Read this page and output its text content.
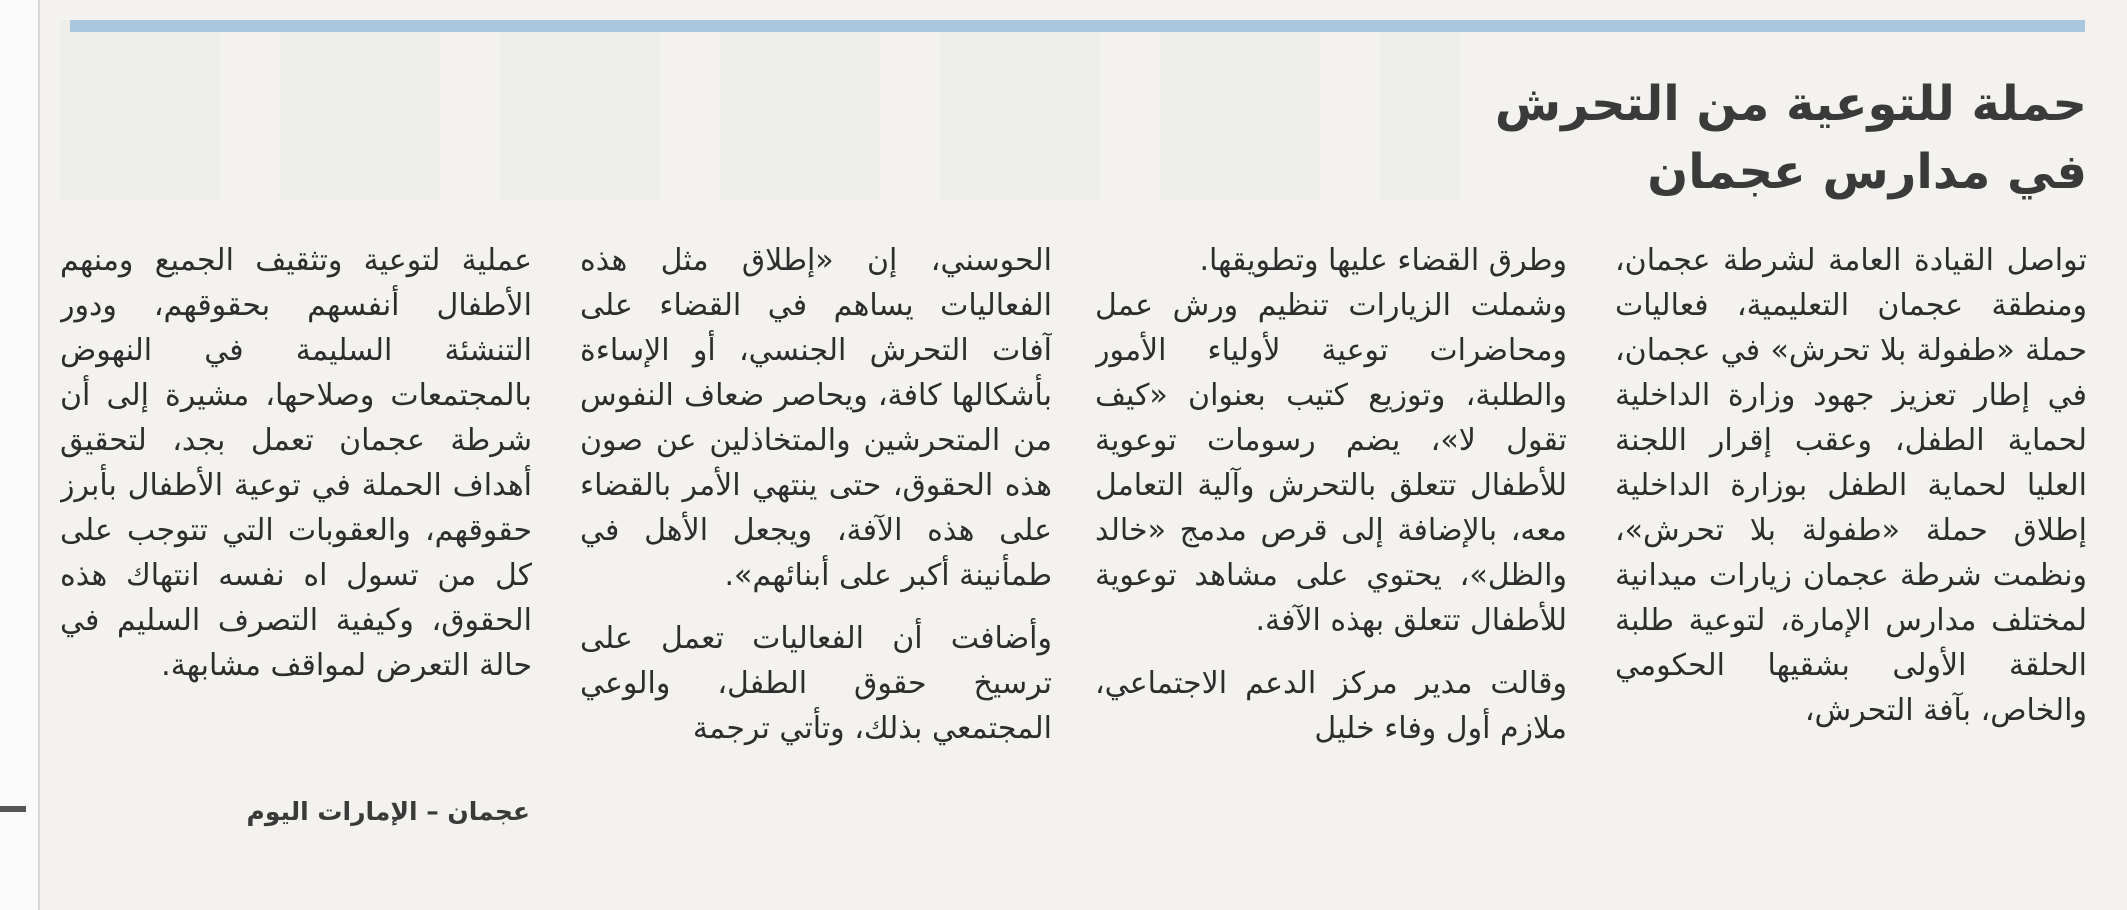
حملة للتوعية من التحرش
في مدارس عجمان

تواصل القيادة العامة لشرطة عجمان، ومنطقة عجمان التعليمية، فعاليات حملة «طفولة بلا تحرش» في عجمان، في إطار تعزيز جهود وزارة الداخلية لحماية الطفل، وعقب إقرار اللجنة العليا لحماية الطفل بوزارة الداخلية إطلاق حملة «طفولة بلا تحرش»، ونظمت شرطة عجمان زيارات ميدانية لمختلف مدارس الإمارة، لتوعية طلبة الحلقة الأولى بشقيها الحكومي والخاص، بآفة التحرش،

وطرق القضاء عليها وتطويقها.

وشملت الزيارات تنظيم ورش عمل ومحاضرات توعية لأولياء الأمور والطلبة، وتوزيع كتيب بعنوان «كيف تقول لا»، يضم رسومات توعوية للأطفال تتعلق بالتحرش وآلية التعامل معه، بالإضافة إلى قرص مدمج «خالد والظل»، يحتوي على مشاهد توعوية للأطفال تتعلق بهذه الآفة.

وقالت مدير مركز الدعم الاجتماعي، ملازم أول وفاء خليل

الحوسني، إن «إطلاق مثل هذه الفعاليات يساهم في القضاء على آفات التحرش الجنسي، أو الإساءة بأشكالها كافة، ويحاصر ضعاف النفوس من المتحرشين والمتخاذلين عن صون هذه الحقوق، حتى ينتهي الأمر بالقضاء على هذه الآفة، ويجعل الأهل في طمأنينة أكبر على أبنائهم».

وأضافت أن الفعاليات تعمل على ترسيخ حقوق الطفل، والوعي المجتمعي بذلك، وتأتي ترجمة

عملية لتوعية وتثقيف الجميع ومنهم الأطفال أنفسهم بحقوقهم، ودور التنشئة السليمة في النهوض بالمجتمعات وصلاحها، مشيرة إلى أن شرطة عجمان تعمل بجد، لتحقيق أهداف الحملة في توعية الأطفال بأبرز حقوقهم، والعقوبات التي تتوجب على كل من تسول اه نفسه انتهاك هذه الحقوق، وكيفية التصرف السليم في حالة التعرض لمواقف مشابهة.

عجمان – الإمارات اليوم
